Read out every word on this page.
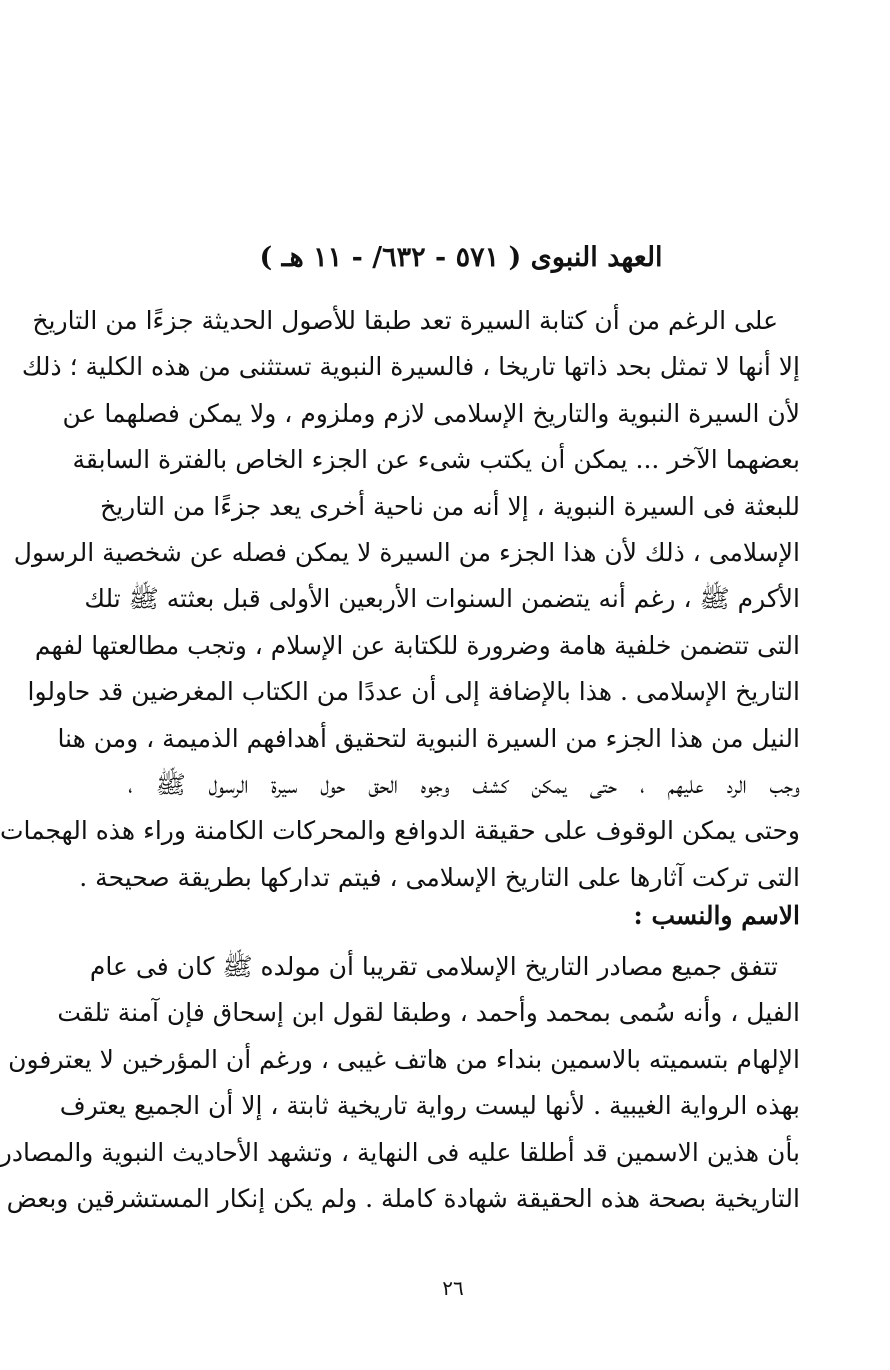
العهد النبوى ( ٥٧١ - ٦٣٢/ - ١١ هـ )
على الرغم من أن كتابة السيرة تعد طبقا للأصول الحديثة جزءًا من التاريخ
إلا أنها لا تمثل بحد ذاتها تاريخا ، فالسيرة النبوية تستثنى من هذه الكلية ؛ ذلك
لأن السيرة النبوية والتاريخ الإسلامى لازم وملزوم ، ولا يمكن فصلهما عن
بعضهما الآخر ... يمكن أن يكتب شىء عن الجزء الخاص بالفترة السابقة
للبعثة فى السيرة النبوية ، إلا أنه من ناحية أخرى يعد جزءًا من التاريخ
الإسلامى ، ذلك لأن هذا الجزء من السيرة لا يمكن فصله عن شخصية الرسول
الأكرم ﷺ ، رغم أنه يتضمن السنوات الأربعين الأولى قبل بعثته ﷺ تلك
التى تتضمن خلفية هامة وضرورة للكتابة عن الإسلام ، وتجب مطالعتها لفهم
التاريخ الإسلامى . هذا بالإضافة إلى أن عددًا من الكتاب المغرضين قد حاولوا
النيل من هذا الجزء من السيرة النبوية لتحقيق أهدافهم الذميمة ، ومن هنا
وجب الرد عليهم ، حتى يمكن كشف وجوه الحق حول سيرة الرسول ﷺ ،
وحتى يمكن الوقوف على حقيقة الدوافع والمحركات الكامنة وراء هذه الهجمات
التى تركت آثارها على التاريخ الإسلامى ، فيتم تداركها بطريقة صحيحة .
الاسم والنسب :
تتفق جميع مصادر التاريخ الإسلامى تقريبا أن مولده ﷺ كان فى عام
الفيل ، وأنه سُمى بمحمد وأحمد ، وطبقا لقول ابن إسحاق فإن آمنة تلقت
الإلهام بتسميته بالاسمين بنداء من هاتف غيبى ، ورغم أن المؤرخين لا يعترفون
بهذه الرواية الغيبية . لأنها ليست رواية تاريخية ثابتة ، إلا أن الجميع يعترف
بأن هذين الاسمين قد أطلقا عليه فى النهاية ، وتشهد الأحاديث النبوية والمصادر
التاريخية بصحة هذه الحقيقة شهادة كاملة . ولم يكن إنكار المستشرقين وبعض
٢٦
